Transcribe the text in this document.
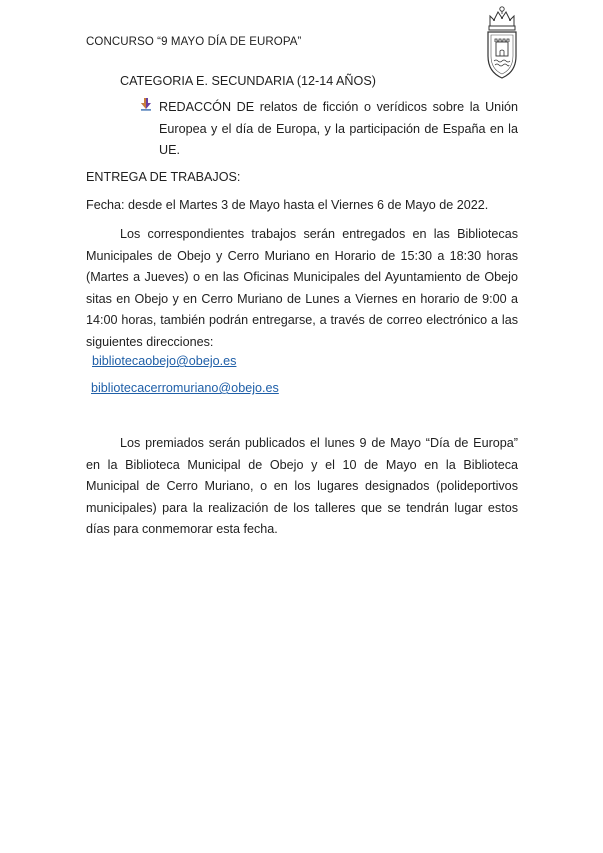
CONCURSO “9 MAYO DÍA DE EUROPA”
CATEGORIA E. SECUNDARIA (12-14 AÑOS)
REDACCÓN DE relatos de ficción o verídicos sobre la Unión Europea y el día de Europa, y la participación de España en la UE.
ENTREGA DE TRABAJOS:
Fecha: desde el Martes 3 de Mayo hasta el Viernes 6 de Mayo de 2022.
Los correspondientes trabajos serán entregados en las Bibliotecas Municipales de Obejo y Cerro Muriano en Horario de 15:30 a 18:30 horas (Martes a Jueves) o en las Oficinas Municipales del Ayuntamiento de Obejo sitas en Obejo y en Cerro Muriano de Lunes a Viernes en horario de 9:00 a 14:00 horas, también podrán entregarse, a través de correo electrónico a las siguientes direcciones:
bibliotecaobejo@obejo.es
bibliotecacerromuriano@obejo.es
Los premiados serán publicados el lunes 9 de Mayo “Día de Europa” en la Biblioteca Municipal de Obejo y el 10 de Mayo en la Biblioteca Municipal de Cerro Muriano, o en los lugares designados (polideportivos municipales) para la realización de los talleres que se tendrán lugar estos días para conmemorar esta fecha.
